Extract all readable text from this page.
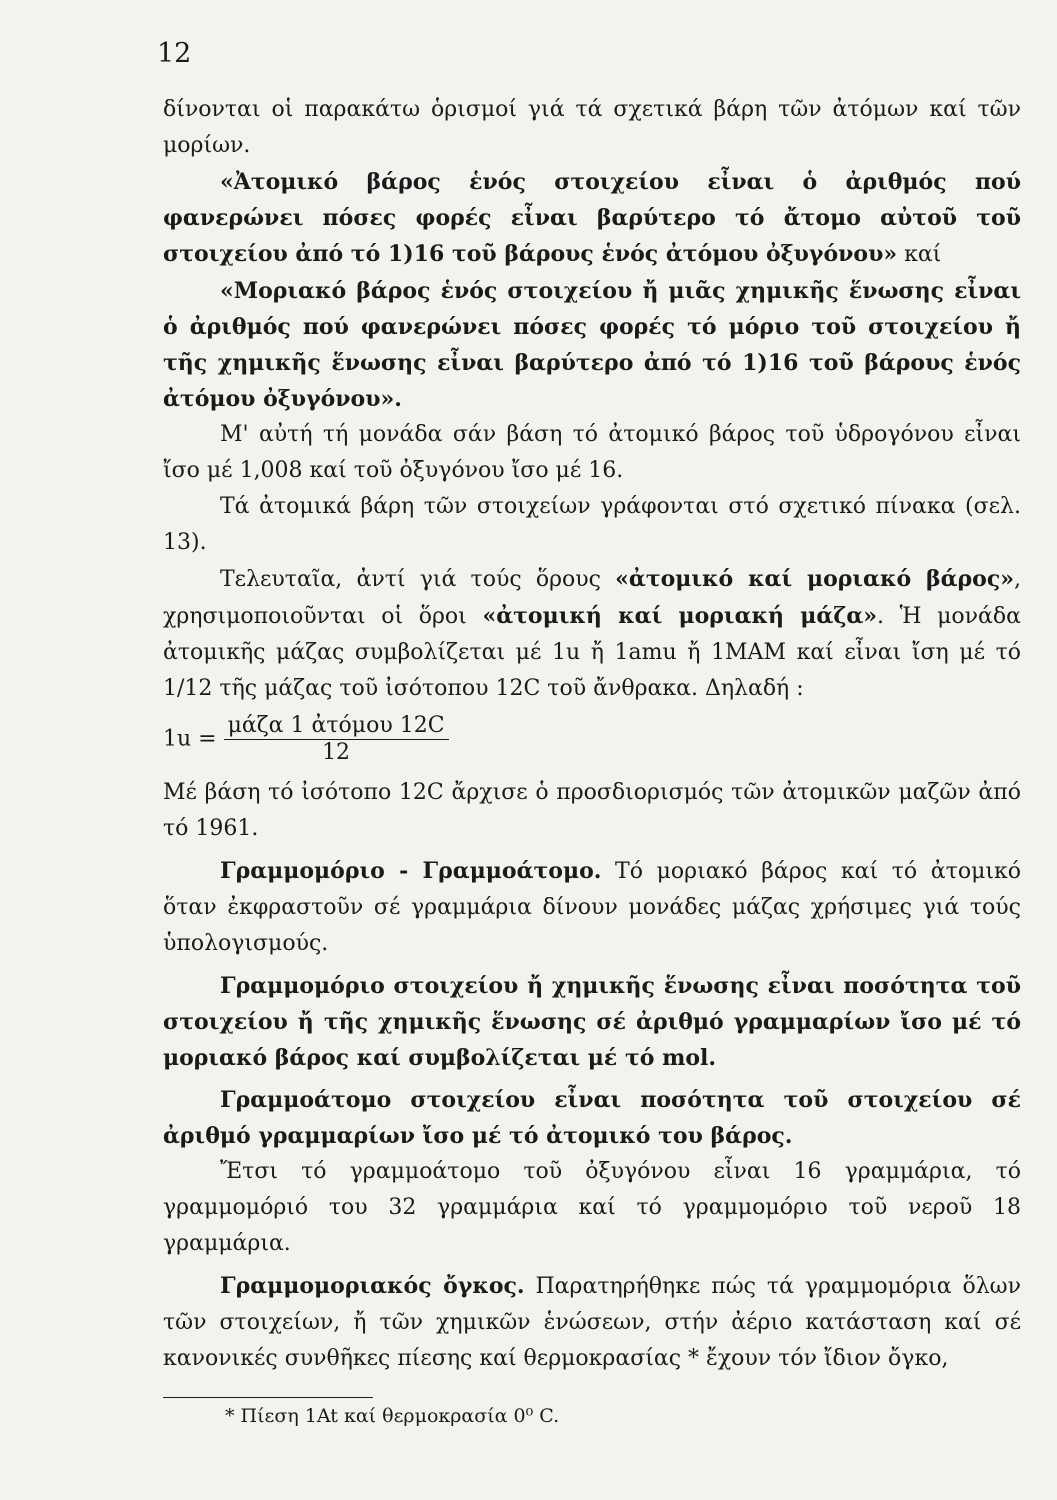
12

δίνονται οἱ παρακάτω ὁρισμοί γιά τά σχετικά βάρη τῶν ἀτόμων καί τῶν μορίων.

«Ἀτομικό βάρος ἑνός στοιχείου εἶναι ὁ ἀριθμός πού φανερώνει πόσες φορές εἶναι βαρύτερο τό ἄτομο αὐτοῦ τοῦ στοιχείου ἀπό τό 1)16 τοῦ βάρους ἑνός ἀτόμου ὀξυγόνου» καί

«Μοριακό βάρος ἑνός στοιχείου ἤ μιᾶς χημικῆς ἕνωσης εἶναι ὁ ἀριθμός πού φανερώνει πόσες φορές τό μόριο τοῦ στοιχείου ἤ τῆς χημικῆς ἕνωσης εἶναι βαρύτερο ἀπό τό 1)16 τοῦ βάρους ἑνός ἀτόμου ὀξυγόνου».

Μ' αὐτή τή μονάδα σάν βάση τό ἀτομικό βάρος τοῦ ὑδρογόνου εἶναι ἴσο μέ 1,008 καί τοῦ ὀξυγόνου ἴσο μέ 16.

Τά ἀτομικά βάρη τῶν στοιχείων γράφονται στό σχετικό πίνακα (σελ. 13).

Τελευταῖα, ἀντί γιά τούς ὅρους «ἀτομικό καί μοριακό βάρος», χρησιμοποιοῦνται οἱ ὅροι «ἀτομική καί μοριακή μάζα». Ἡ μονάδα ἀτομικῆς μάζας συμβολίζεται μέ 1u ἤ 1amu ἤ 1ΜΑΜ καί εἶναι ἴση μέ τό 1/12 τῆς μάζας τοῦ ἰσότοπου 12C τοῦ ἄνθρακα. Δηλαδή :

$1u = \frac{\text{μάζα 1 ἀτόμου 12C}}{12}$

Μέ βάση τό ἰσότοπο 12C ἄρχισε ὁ προσδιορισμός τῶν ἀτομικῶν μαζῶν ἀπό τό 1961.

Γραμμομόριο - Γραμμοάτομο. Τό μοριακό βάρος καί τό ἀτομικό ὅταν ἐκφραστοῦν σέ γραμμάρια δίνουν μονάδες μάζας χρήσιμες γιά τούς ὑπολογισμούς.

Γραμμομόριο στοιχείου ἤ χημικῆς ἕνωσης εἶναι ποσότητα τοῦ στοιχείου ἤ τῆς χημικῆς ἕνωσης σέ ἀριθμό γραμμαρίων ἴσο μέ τό μοριακό βάρος καί συμβολίζεται μέ τό mol.

Γραμμοάτομο στοιχείου εἶναι ποσότητα τοῦ στοιχείου σέ ἀριθμό γραμμαρίων ἴσο μέ τό ἀτομικό του βάρος.

Ἔτσι τό γραμμοάτομο τοῦ ὀξυγόνου εἶναι 16 γραμμάρια, τό γραμμομόριό του 32 γραμμάρια καί τό γραμμομόριο τοῦ νεροῦ 18 γραμμάρια.

Γραμμομοριακός ὄγκος. Παρατηρήθηκε πώς τά γραμμομόρια ὅλων τῶν στοιχείων, ἤ τῶν χημικῶν ἑνώσεων, στήν ἀέριο κατάσταση καί σέ κανονικές συνθῆκες πίεσης καί θερμοκρασίας * ἔχουν τόν ἴδιον ὄγκο,

* Πίεση 1At καί θερμοκρασία 0⁰ C.
